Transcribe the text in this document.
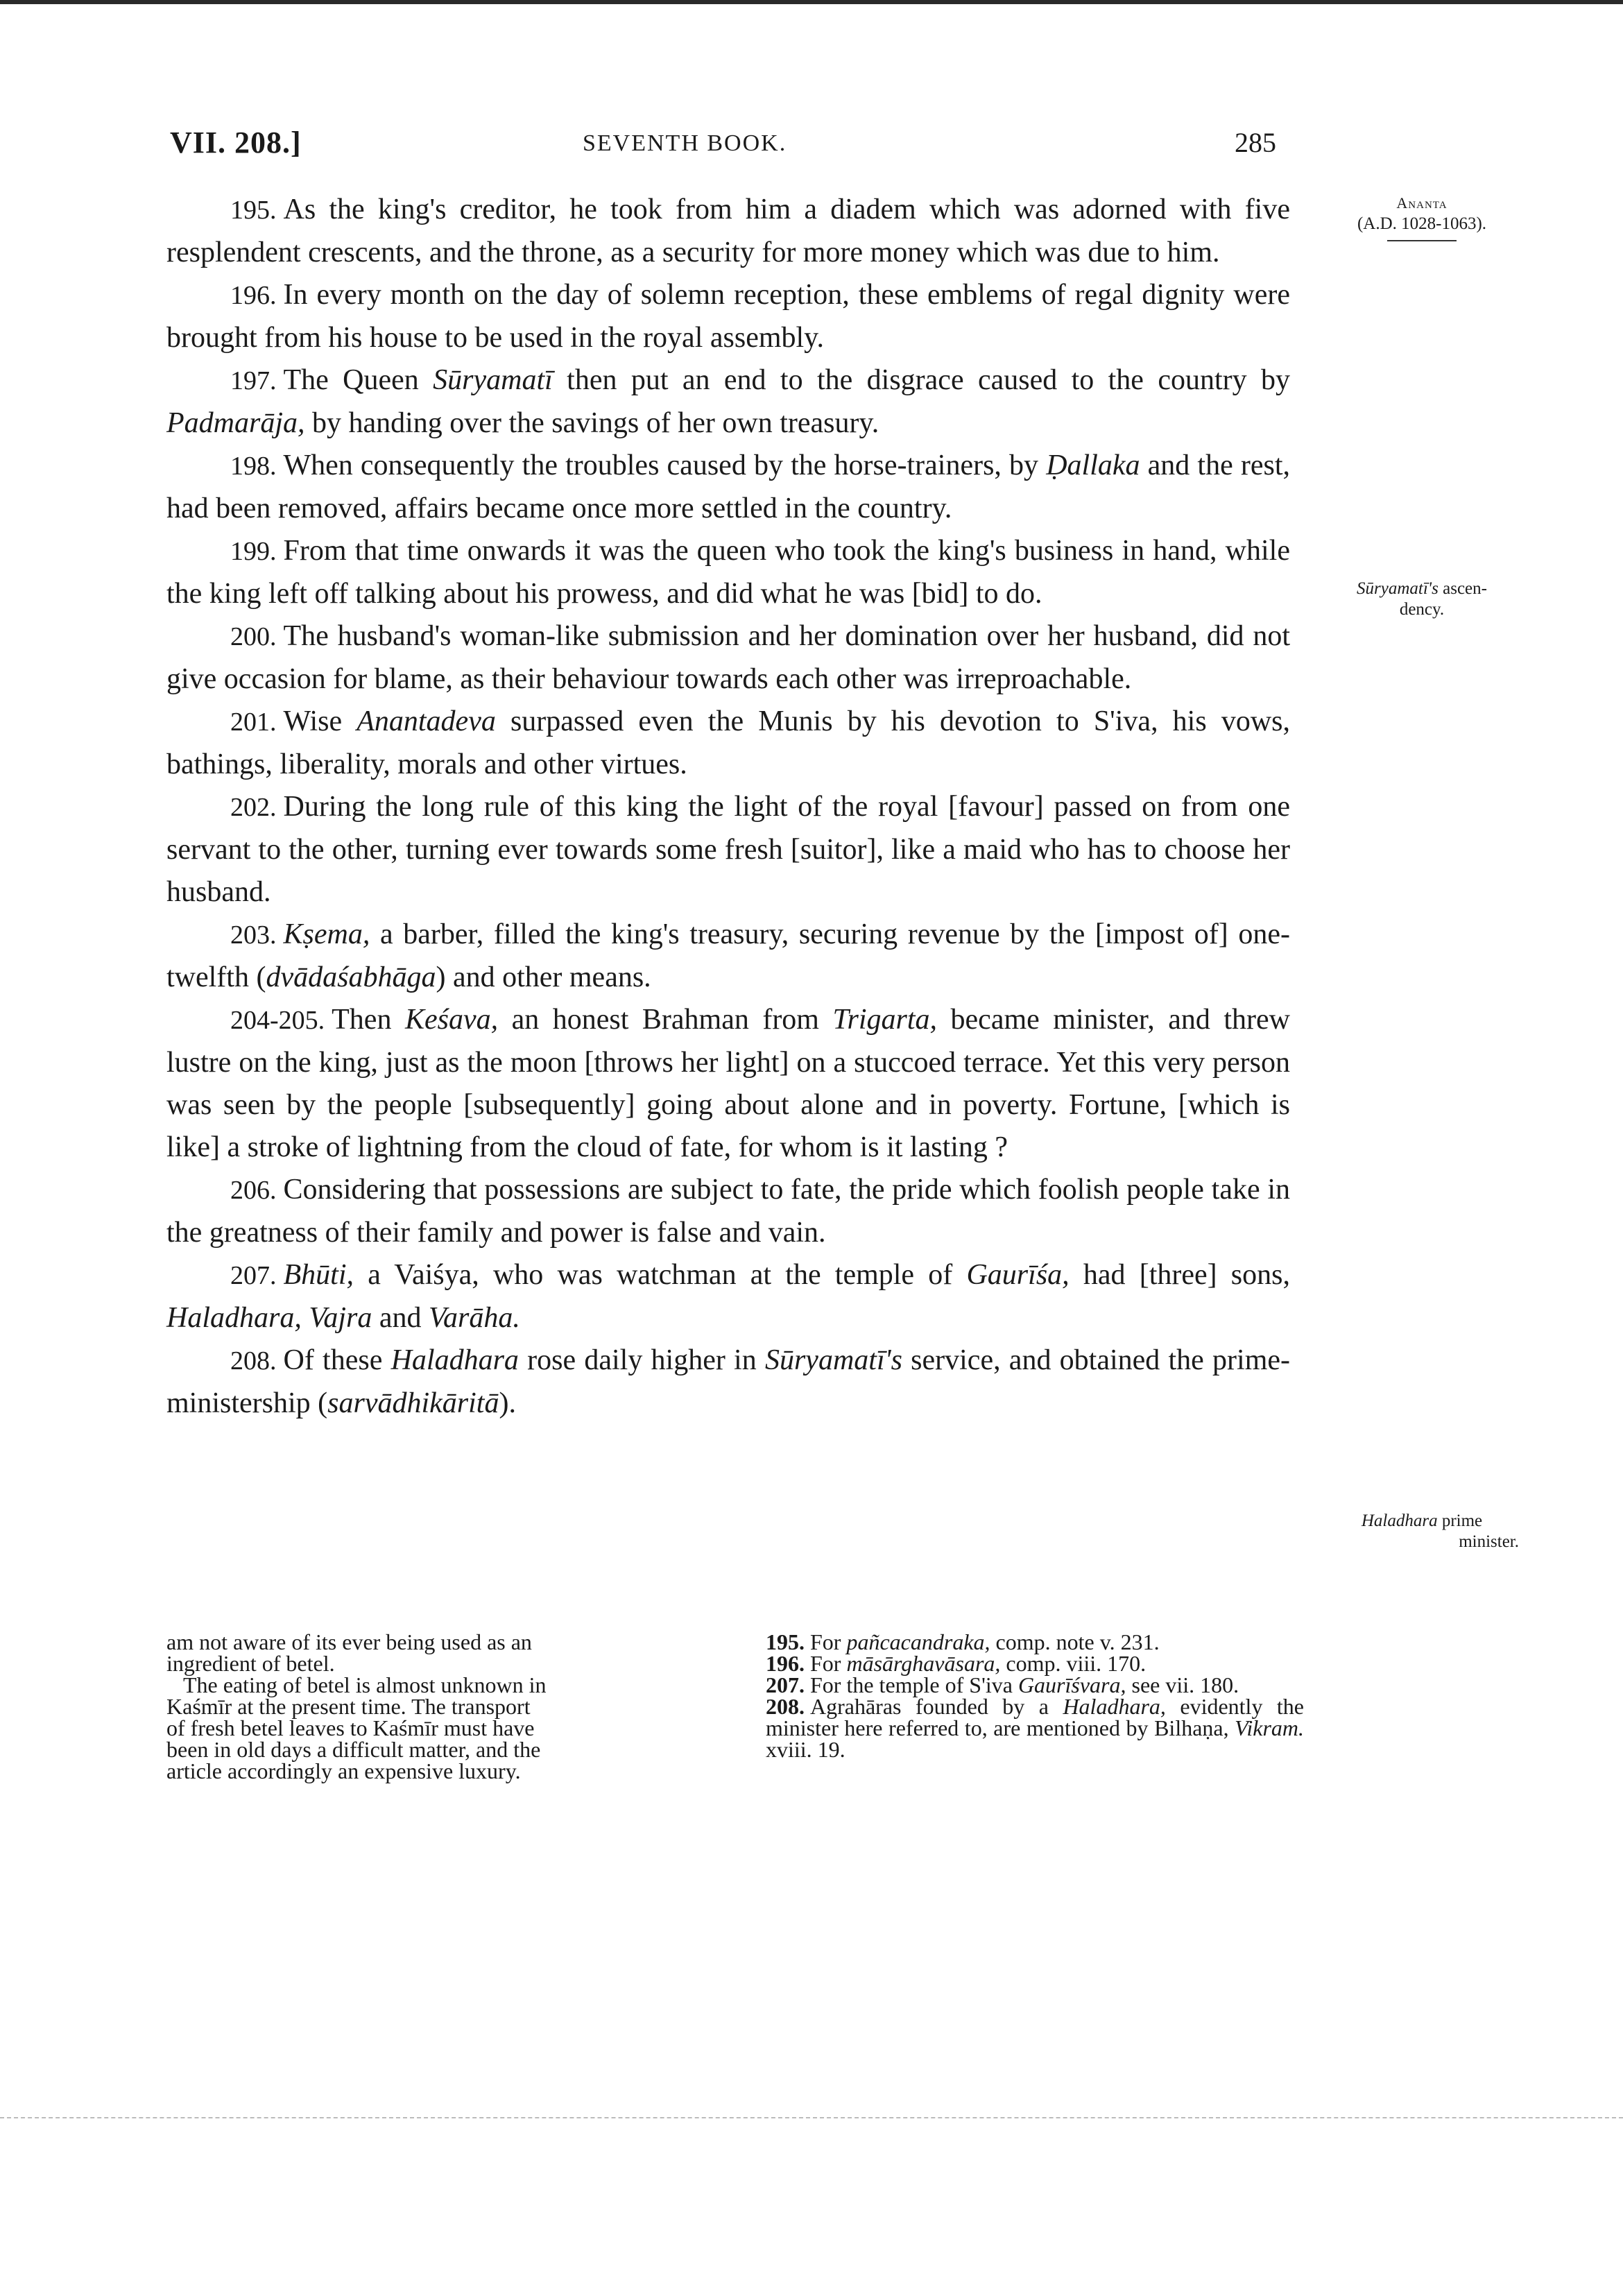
VII. 208.]	SEVENTH BOOK.	285

195. As the king's creditor, he took from him a diadem which was adorned with five resplendent crescents, and the throne, as a security for more money which was due to him.

196. In every month on the day of solemn reception, these emblems of regal dignity were brought from his house to be used in the royal assembly.

197. The Queen Sūryamatī then put an end to the disgrace caused to the country by Padmarāja, by handing over the savings of her own treasury.

198. When consequently the troubles caused by the horse-trainers, by Ḍallaka and the rest, had been removed, affairs became once more settled in the country.

199. From that time onwards it was the queen who took the king's business in hand, while the king left off talking about his prowess, and did what he was [bid] to do.

200. The husband's woman-like submission and her domination over her husband, did not give occasion for blame, as their behaviour towards each other was irreproachable.

201. Wise Anantadeva surpassed even the Munis by his devotion to S'iva, his vows, bathings, liberality, morals and other virtues.

202. During the long rule of this king the light of the royal [favour] passed on from one servant to the other, turning ever towards some fresh [suitor], like a maid who has to choose her husband.

203. Kṣema, a barber, filled the king's treasury, securing revenue by the [impost of] one-twelfth (dvādaśabhāga) and other means.

204-205. Then Keśava, an honest Brahman from Trigarta, became minister, and threw lustre on the king, just as the moon [throws her light] on a stuccoed terrace. Yet this very person was seen by the people [subsequently] going about alone and in poverty. Fortune, [which is like] a stroke of lightning from the cloud of fate, for whom is it lasting ?

206. Considering that possessions are subject to fate, the pride which foolish people take in the greatness of their family and power is false and vain.

207. Bhūti, a Vaiśya, who was watchman at the temple of Gaurīśa, had [three] sons, Haladhara, Vajra and Varāha.

208. Of these Haladhara rose daily higher in Sūryamatī's service, and obtained the prime-ministership (sarvādhikāritā).

Ananta
(A.D. 1028-1063).
Sūryamatī's ascen-
dency.
Haladhara prime
minister.
am not aware of its ever being used as an
ingredient of betel.
The eating of betel is almost unknown in
Kaśmīr at the present time. The transport
of fresh betel leaves to Kaśmīr must have
been in old days a difficult matter, and the
article accordingly an expensive luxury.
195. For pañcacandraka, comp. note v. 231.
196. For māsārghavāsara, comp. viii. 170.
207. For the temple of S'iva Gaurīśvara, see vii. 180.
208. Agrahāras founded by a Haladhara, evidently the minister here referred to, are mentioned by Bilhaṇa, Vikram. xviii. 19.
